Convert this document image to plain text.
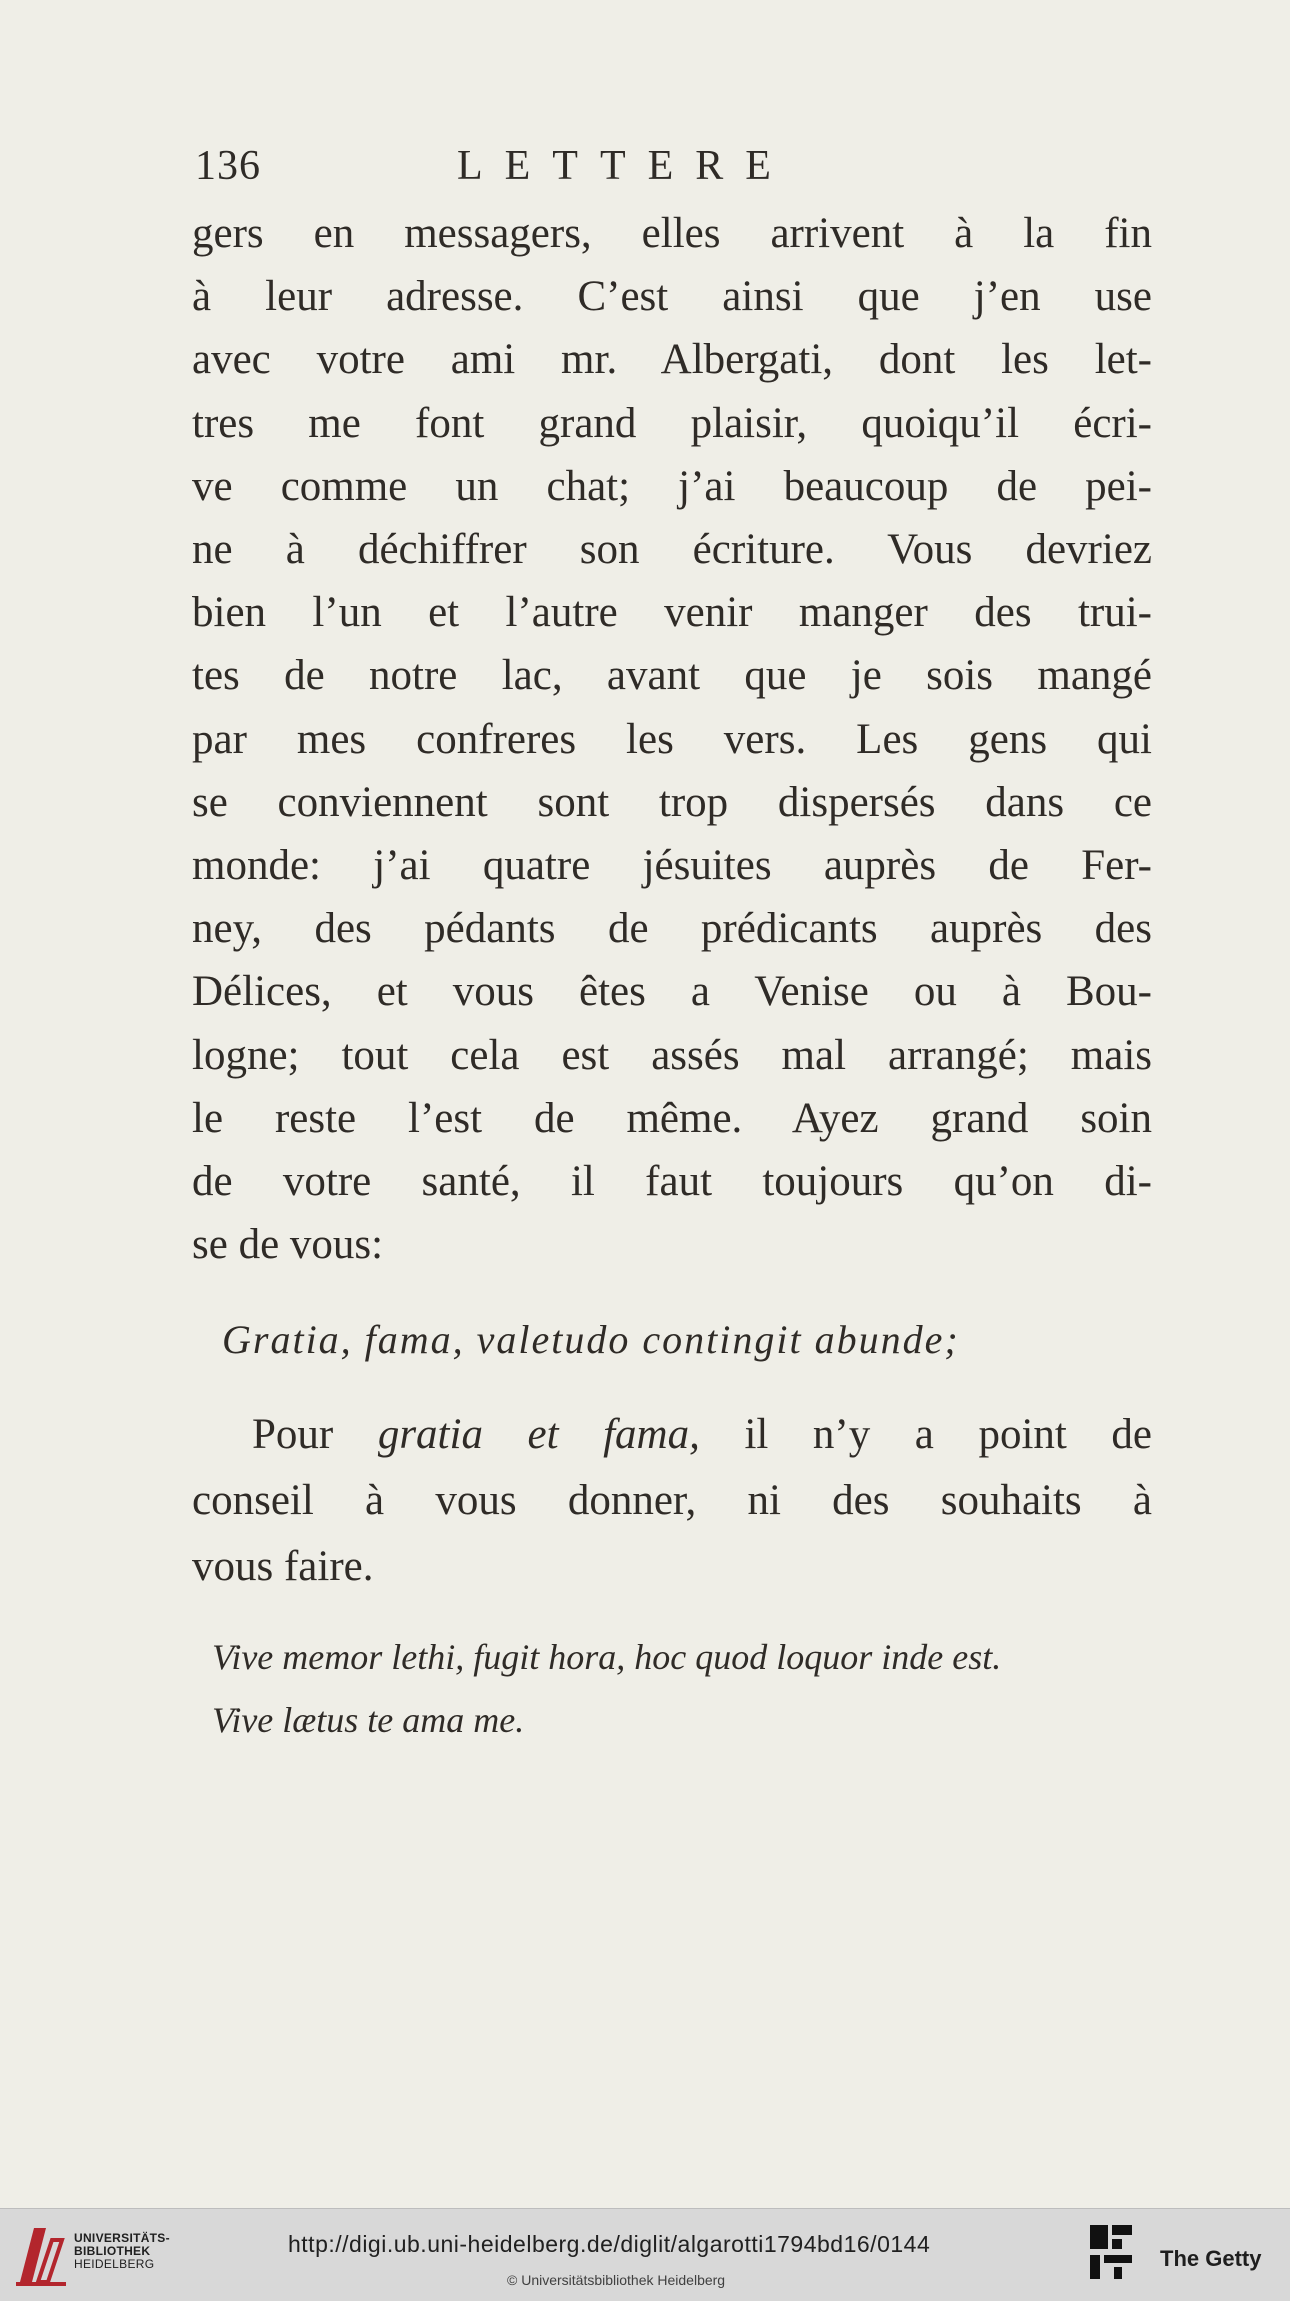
136	LETTERE
gers en messagers, elles arrivent à la fin
à leur adresse. C’est ainsi que j’en use
avec votre ami mr. Albergati, dont les let-
tres me font grand plaisir, quoiqu’il écri-
ve comme un chat; j’ai beaucoup de pei-
ne à déchiffrer son écriture. Vous devriez
bien l’un et l’autre venir manger des trui-
tes de notre lac, avant que je sois mangé
par mes confreres les vers. Les gens qui
se conviennent sont trop dispersés dans ce
monde: j’ai quatre jésuites auprès de Fer-
ney, des pédants de prédicants auprès des
Délices, et vous êtes a Venise ou à Bou-
logne; tout cela est assés mal arrangé; mais
le reste l’est de même. Ayez grand soin
de votre santé, il faut toujours qu’on di-
se de vous:
Gratia, fama, valetudo contingit abunde;
Pour gratia et fama, il n’y a point de
conseil à vous donner, ni des souhaits à
vous faire.
Vive memor lethi, fugit hora, hoc quod loquor inde est.
Vive lætus te ama me.
UNIVERSITÄTS-
BIBLIOTHEK
HEIDELBERG
http://digi.ub.uni-heidelberg.de/diglit/algarotti1794bd16/0144
© Universitätsbibliothek Heidelberg
The Getty
